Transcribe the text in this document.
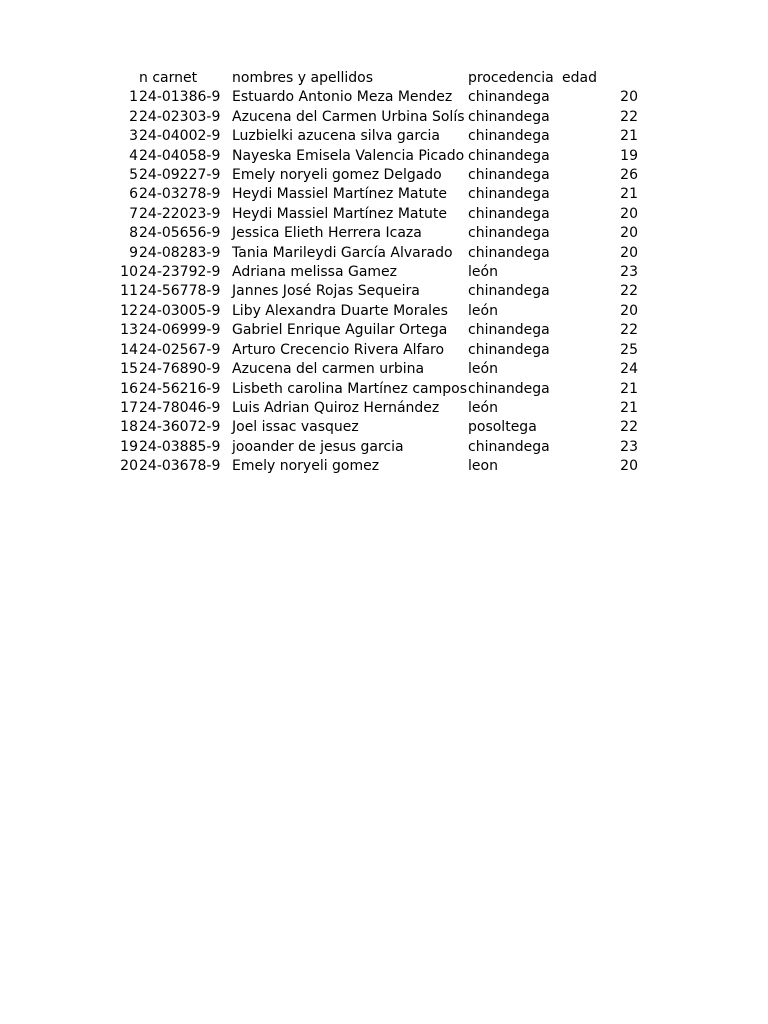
n carnet		nombres y apellidos	procedencia	edad
1	24-01386-9	Estuardo Antonio Meza Mendez	chinandega	20
2	24-02303-9	Azucena del Carmen Urbina Solís	chinandega	22
3	24-04002-9	Luzbielki azucena silva garcia	chinandega	21
4	24-04058-9	Nayeska Emisela Valencia Picado	chinandega	19
5	24-09227-9	Emely noryeli gomez Delgado	chinandega	26
6	24-03278-9	Heydi Massiel Martínez Matute	chinandega	21
7	24-22023-9	Heydi Massiel Martínez Matute	chinandega	20
8	24-05656-9	Jessica Elieth Herrera Icaza	chinandega	20
9	24-08283-9	Tania Marileydi García Alvarado	chinandega	20
10	24-23792-9	Adriana melissa Gamez	león	23
11	24-56778-9	Jannes José Rojas Sequeira	chinandega	22
12	24-03005-9	Liby Alexandra Duarte Morales	león	20
13	24-06999-9	Gabriel Enrique Aguilar Ortega	chinandega	22
14	24-02567-9	Arturo Crecencio Rivera Alfaro	chinandega	25
15	24-76890-9	Azucena del carmen urbina	león	24
16	24-56216-9	Lisbeth carolina Martínez campos	chinandega	21
17	24-78046-9	Luis Adrian Quiroz Hernández	león	21
18	24-36072-9	Joel issac vasquez	posoltega	22
19	24-03885-9	jooander de jesus garcia	chinandega	23
20	24-03678-9	Emely noryeli gomez	leon	20
